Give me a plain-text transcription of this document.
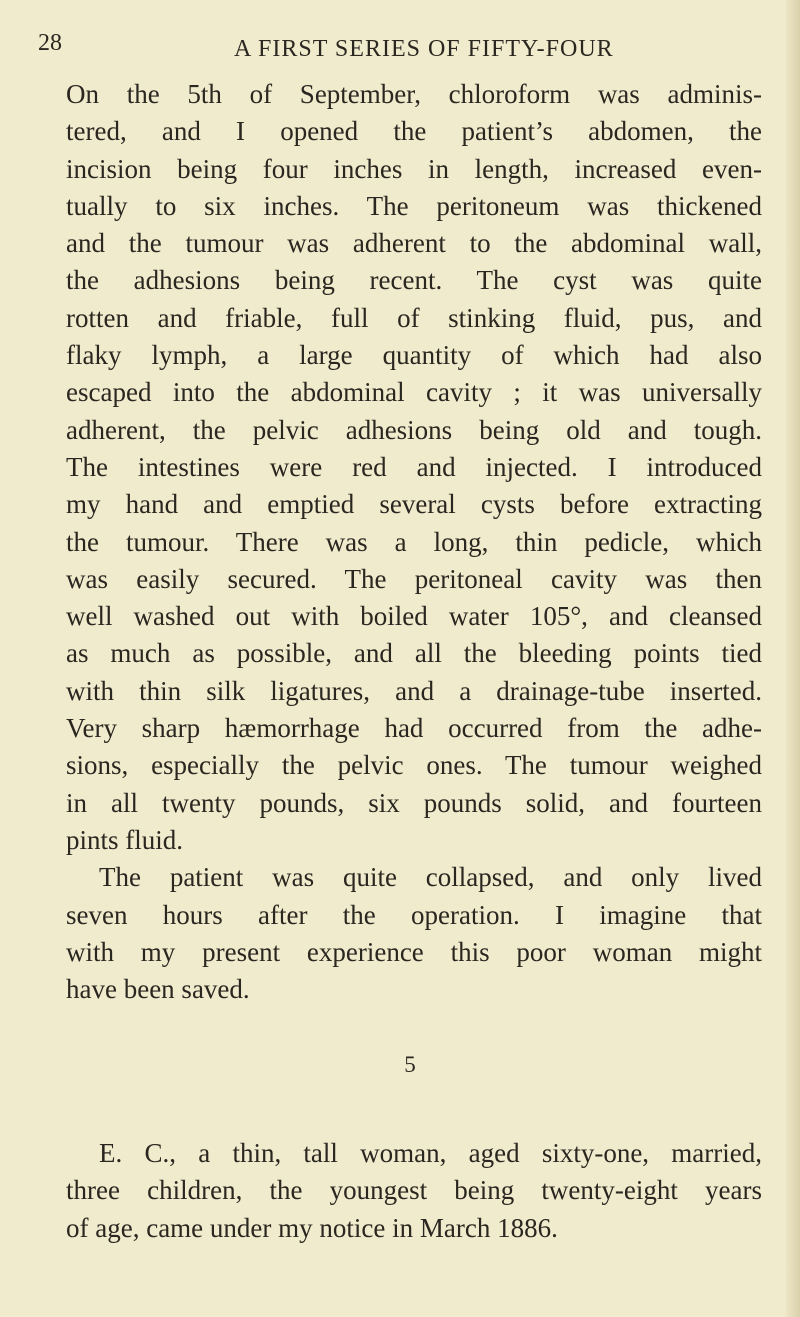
28	A FIRST SERIES OF FIFTY-FOUR
On the 5th of September, chloroform was adminis-
tered, and I opened the patient’s abdomen, the
incision being four inches in length, increased even-
tually to six inches. The peritoneum was thickened
and the tumour was adherent to the abdominal wall,
the adhesions being recent. The cyst was quite
rotten and friable, full of stinking fluid, pus, and
flaky lymph, a large quantity of which had also
escaped into the abdominal cavity ; it was universally
adherent, the pelvic adhesions being old and tough.
The intestines were red and injected. I introduced
my hand and emptied several cysts before extracting
the tumour. There was a long, thin pedicle, which
was easily secured. The peritoneal cavity was then
well washed out with boiled water 105°, and cleansed
as much as possible, and all the bleeding points tied
with thin silk ligatures, and a drainage-tube inserted.
Very sharp hæmorrhage had occurred from the adhe-
sions, especially the pelvic ones. The tumour weighed
in all twenty pounds, six pounds solid, and fourteen
pints fluid.
The patient was quite collapsed, and only lived
seven hours after the operation. I imagine that
with my present experience this poor woman might
have been saved.
5
E. C., a thin, tall woman, aged sixty-one, married,
three children, the youngest being twenty-eight years
of age, came under my notice in March 1886.
